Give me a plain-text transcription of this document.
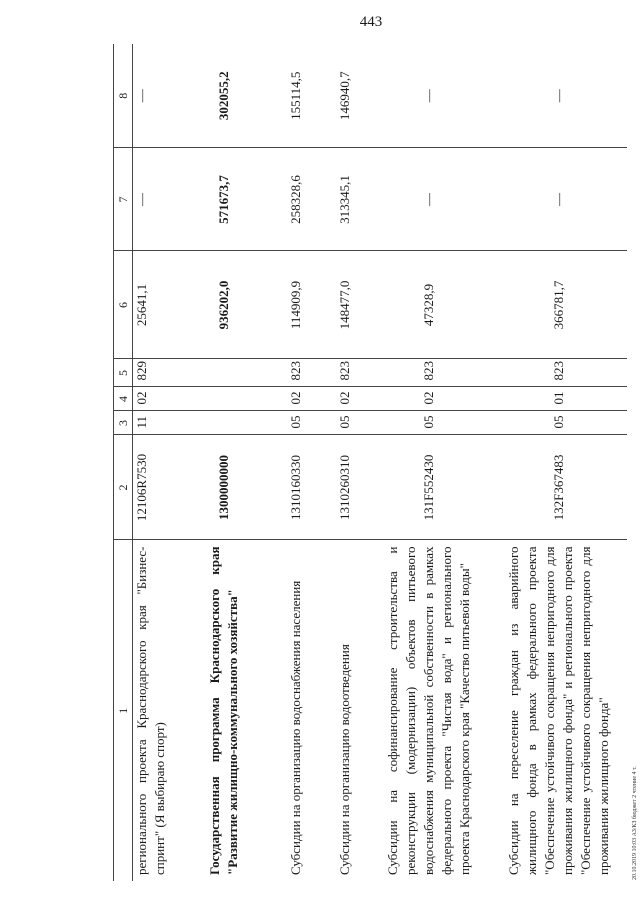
443
20.10.2019 10:03 АЗ/КЗ бюджет 2 чтение 4 т.
1	2	3	4	5	6	7	8
регионального проекта Краснодарского края "Бизнес-спринт" (Я выбираю спорт)	12106R7530	11	02	829	25641,1	—	—
Государственная программа Краснодарского края "Развитие жилищно-коммунального хозяйства"	1300000000				936202,0	571673,7	302055,2
Субсидии на организацию водоснабжения населения	1310160330	05	02	823	114909,9	258328,6	155114,5
Субсидии на организацию водоотведения	1310260310	05	02	823	148477,0	313345,1	146940,7
Субсидии на софинансирование строительства и реконструкции (модернизации) объектов питьевого водоснабжения муниципальной собственности в рамках федерального проекта "Чистая вода" и регионального проекта Краснодарского края "Качество питьевой воды"	131F552430	05	02	823	47328,9	—	—
Субсидии на переселение граждан из аварийного жилищного фонда в рамках федерального проекта "Обеспечение устойчивого сокращения непригодного для проживания жилищного фонда" и регионального проекта "Обеспечение устойчивого сокращения непригодного для проживания жилищного фонда"	132F367483	05	01	823	366781,7	—	—
